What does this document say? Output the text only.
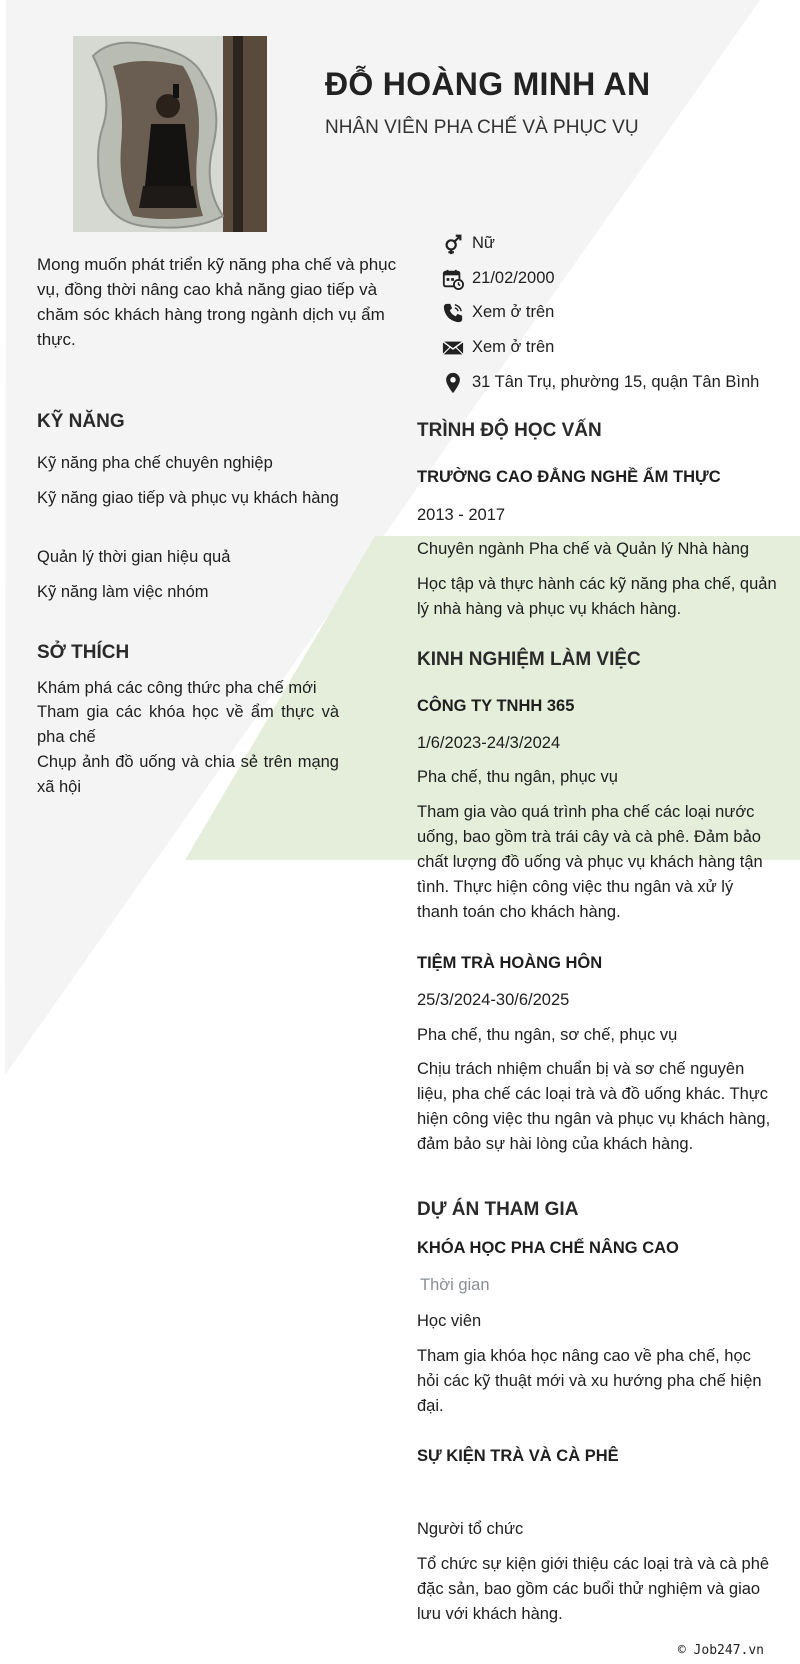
ĐỖ HOÀNG MINH AN
NHÂN VIÊN PHA CHẾ VÀ PHỤC VỤ
Mong muốn phát triển kỹ năng pha chế và phục vụ, đồng thời nâng cao khả năng giao tiếp và chăm sóc khách hàng trong ngành dịch vụ ẩm thực.
Nữ
21/02/2000
Xem ở trên
Xem ở trên
31 Tân Trụ, phường 15, quận Tân Bình
KỸ NĂNG
Kỹ năng pha chế chuyên nghiệp
Kỹ năng giao tiếp và phục vụ khách hàng
Quản lý thời gian hiệu quả
Kỹ năng làm việc nhóm
SỞ THÍCH
Khám phá các công thức pha chế mới
Tham gia các khóa học về ẩm thực và pha chế
Chụp ảnh đồ uống và chia sẻ trên mạng xã hội
TRÌNH ĐỘ HỌC VẤN
TRƯỜNG CAO ĐẲNG NGHỀ ẨM THỰC
2013 - 2017
Chuyên ngành Pha chế và Quản lý Nhà hàng
Học tập và thực hành các kỹ năng pha chế, quản lý nhà hàng và phục vụ khách hàng.
KINH NGHIỆM LÀM VIỆC
CÔNG TY TNHH 365
1/6/2023-24/3/2024
Pha chế, thu ngân, phục vụ
Tham gia vào quá trình pha chế các loại nước uống, bao gồm trà trái cây và cà phê. Đảm bảo chất lượng đồ uống và phục vụ khách hàng tận tình. Thực hiện công việc thu ngân và xử lý thanh toán cho khách hàng.
TIỆM TRÀ HOÀNG HÔN
25/3/2024-30/6/2025
Pha chế, thu ngân, sơ chế, phục vụ
Chịu trách nhiệm chuẩn bị và sơ chế nguyên liệu, pha chế các loại trà và đồ uống khác. Thực hiện công việc thu ngân và phục vụ khách hàng, đảm bảo sự hài lòng của khách hàng.
DỰ ÁN THAM GIA
KHÓA HỌC PHA CHẾ NÂNG CAO
Thời gian
Học viên
Tham gia khóa học nâng cao về pha chế, học hỏi các kỹ thuật mới và xu hướng pha chế hiện đại.
SỰ KIỆN TRÀ VÀ CÀ PHÊ
Người tổ chức
Tổ chức sự kiện giới thiệu các loại trà và cà phê đặc sản, bao gồm các buổi thử nghiệm và giao lưu với khách hàng.
© Job247.vn
